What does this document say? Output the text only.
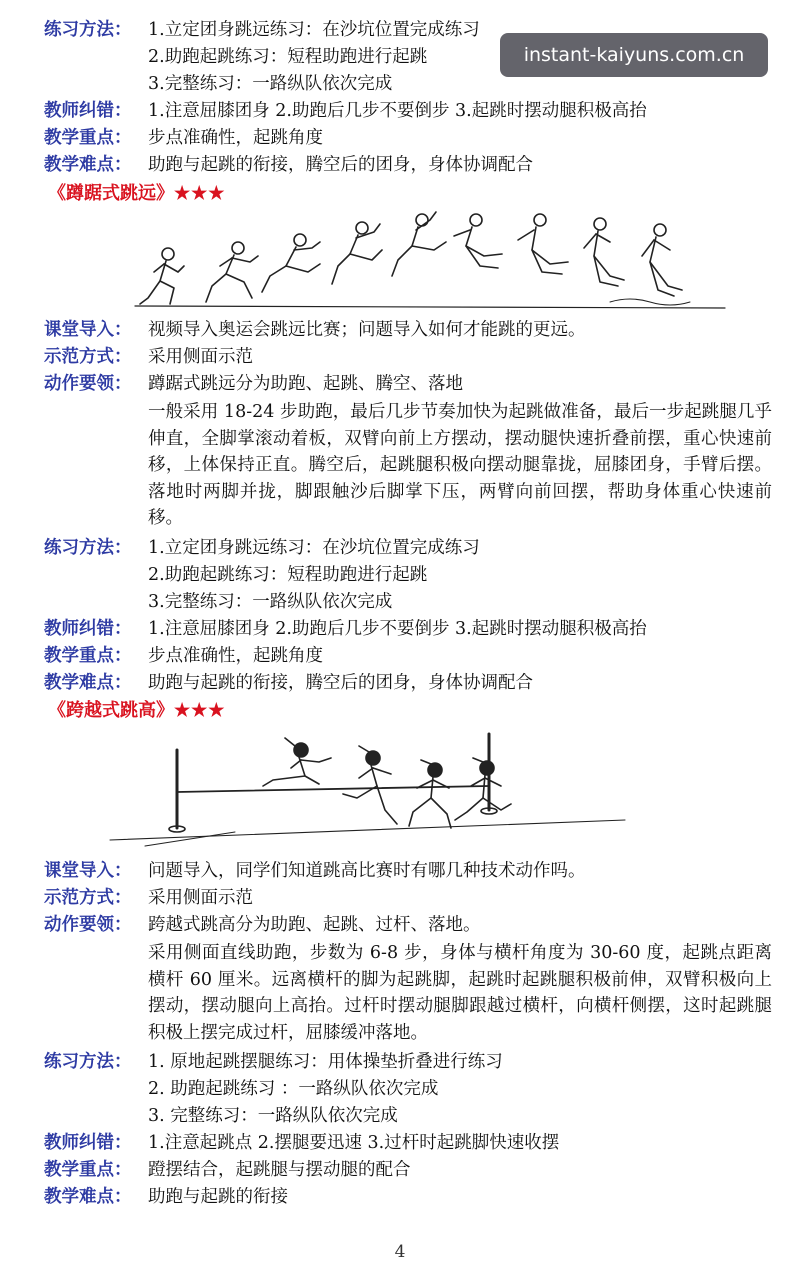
练习方法： 1.立定团身跳远练习：在沙坑位置完成练习
2.助跑起跳练习：短程助跑进行起跳
3.完整练习：一路纵队依次完成
教师纠错： 1.注意屈膝团身 2.助跑后几步不要倒步 3.起跳时摆动腿积极高抬
教学重点： 步点准确性，起跳角度
教学难点： 助跑与起跳的衔接，腾空后的团身，身体协调配合
《蹲踞式跳远》★★★
课堂导入： 视频导入奥运会跳远比赛；问题导入如何才能跳的更远。
示范方式： 采用侧面示范
动作要领： 蹲踞式跳远分为助跑、起跳、腾空、落地
一般采用 18-24 步助跑，最后几步节奏加快为起跳做准备，最后一步起跳腿几乎伸直，全脚掌滚动着板，双臂向前上方摆动，摆动腿快速折叠前摆，重心快速前移，上体保持正直。腾空后，起跳腿积极向摆动腿靠拢，屈膝团身，手臂后摆。落地时两脚并拢，脚跟触沙后脚掌下压，两臂向前回摆，帮助身体重心快速前移。
练习方法： 1.立定团身跳远练习：在沙坑位置完成练习
2.助跑起跳练习：短程助跑进行起跳
3.完整练习：一路纵队依次完成
教师纠错： 1.注意屈膝团身 2.助跑后几步不要倒步 3.起跳时摆动腿积极高抬
教学重点： 步点准确性，起跳角度
教学难点： 助跑与起跳的衔接，腾空后的团身，身体协调配合
《跨越式跳高》★★★
课堂导入： 问题导入，同学们知道跳高比赛时有哪几种技术动作吗。
示范方式： 采用侧面示范
动作要领： 跨越式跳高分为助跑、起跳、过杆、落地。
采用侧面直线助跑，步数为 6-8 步，身体与横杆角度为 30-60 度，起跳点距离横杆 60 厘米。远离横杆的脚为起跳脚，起跳时起跳腿积极前伸，双臂积极向上摆动，摆动腿向上高抬。过杆时摆动腿脚跟越过横杆，向横杆侧摆，这时起跳腿积极上摆完成过杆，屈膝缓冲落地。
练习方法： 1. 原地起跳摆腿练习：用体操垫折叠进行练习
2. 助跑起跳练习 ：一路纵队依次完成
3. 完整练习：一路纵队依次完成
教师纠错： 1.注意起跳点 2.摆腿要迅速 3.过杆时起跳脚快速收摆
教学重点： 蹬摆结合，起跳腿与摆动腿的配合
教学难点： 助跑与起跳的衔接
4
instant-kaiyuns.com.cn
